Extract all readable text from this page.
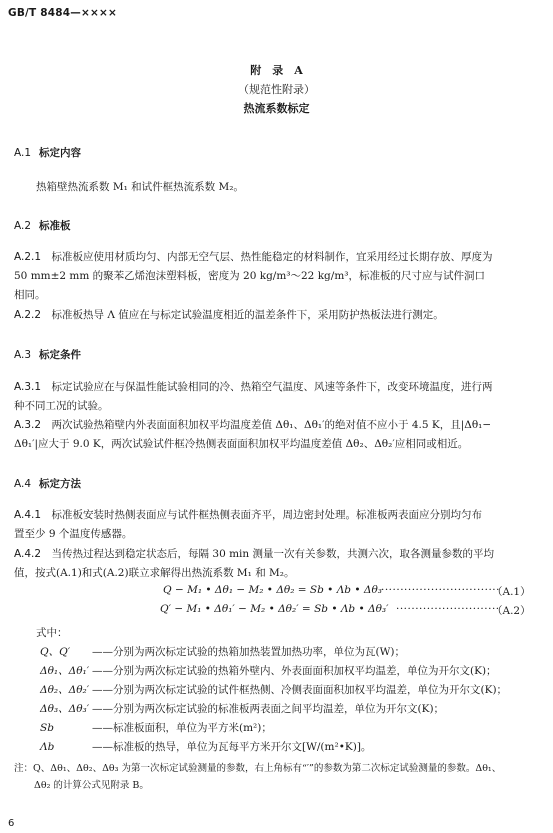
GB/T 8484—××××
附　录　A
（规范性附录）
热流系数标定
A.1 标定内容
热箱壁热流系数 M₁ 和试件框热流系数 M₂。
A.2 标准板
A.2.1　 标准板应使用材质均匀、内部无空气层、热性能稳定的材料制作，宜采用经过长期存放、厚度为
50 mm±2 mm 的聚苯乙烯泡沫塑料板，密度为 20 kg/m³～22 kg/m³，标准板的尺寸应与试件洞口
相同。
A.2.2　 标准板热导 Λ 值应在与标定试验温度相近的温差条件下，采用防护热板法进行测定。
A.3 标定条件
A.3.1　 标定试验应在与保温性能试验相同的冷、热箱空气温度、风速等条件下，改变环境温度，进行两
种不同工况的试验。
A.3.2　 两次试验热箱壁内外表面面积加权平均温度差值 Δθ₁、Δθ₁′的绝对值不应小于 4.5 K，且|Δθ₁−
Δθ₁′|应大于 9.0 K，两次试验试件框冷热侧表面面积加权平均温度差值 Δθ₂、Δθ₂′应相同或相近。
A.4 标定方法
A.4.1　 标准板安装时热侧表面应与试件框热侧表面齐平，周边密封处理。标准板两表面应分别均匀布
置至少 9 个温度传感器。
A.4.2　 当传热过程达到稳定状态后，每隔 30 min 测量一次有关参数，共测六次，取各测量参数的平均
值，按式(A.1)和式(A.2)联立求解得出热流系数 M₁ 和 M₂。
Q − M₁ • Δθ₁ − M₂ • Δθ₂ = Sb • Λb • Δθ₃ ·······························
（A.1）
Q′ − M₁ • Δθ₁′ − M₂ • Δθ₂′ = Sb • Λb • Δθ₃′ ···························
（A.2）
式中：
Q、Q′ ——分别为两次标定试验的热箱加热装置加热功率，单位为瓦(W)；
Δθ₁、Δθ₁′ ——分别为两次标定试验的热箱外壁内、外表面面积加权平均温差，单位为开尔文(K)；
Δθ₂、Δθ₂′ ——分别为两次标定试验的试件框热侧、冷侧表面面积加权平均温差，单位为开尔文(K)；
Δθ₃、Δθ₃′ ——分别为两次标定试验的标准板两表面之间平均温差，单位为开尔文(K)；
Sb	——标准板面积，单位为平方米(m²)；
Λb	——标准板的热导，单位为瓦每平方米开尔文[W/(m²•K)]。
注：Q、Δθ₁、Δθ₂、Δθ₃ 为第一次标定试验测量的参数，右上角标有“′”的参数为第二次标定试验测量的参数。Δθ₁、
Δθ₂ 的计算公式见附录 B。
6
